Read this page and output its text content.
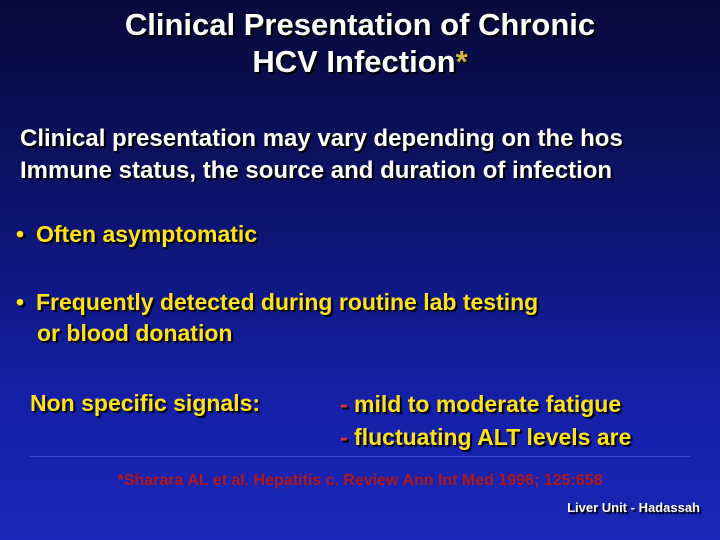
Clinical Presentation of Chronic
HCV Infection*
Clinical presentation may vary depending on the hos
Immune status, the source and duration of infection
• Often asymptomatic
• Frequently detected during routine lab testing
or blood donation
Non specific signals:	- mild to moderate fatigue
- fluctuating ALT levels are
*Sharara AL et al. Hepatitis c. Review Ann Int Med 1996; 125:658
Liver Unit - Hadassah
